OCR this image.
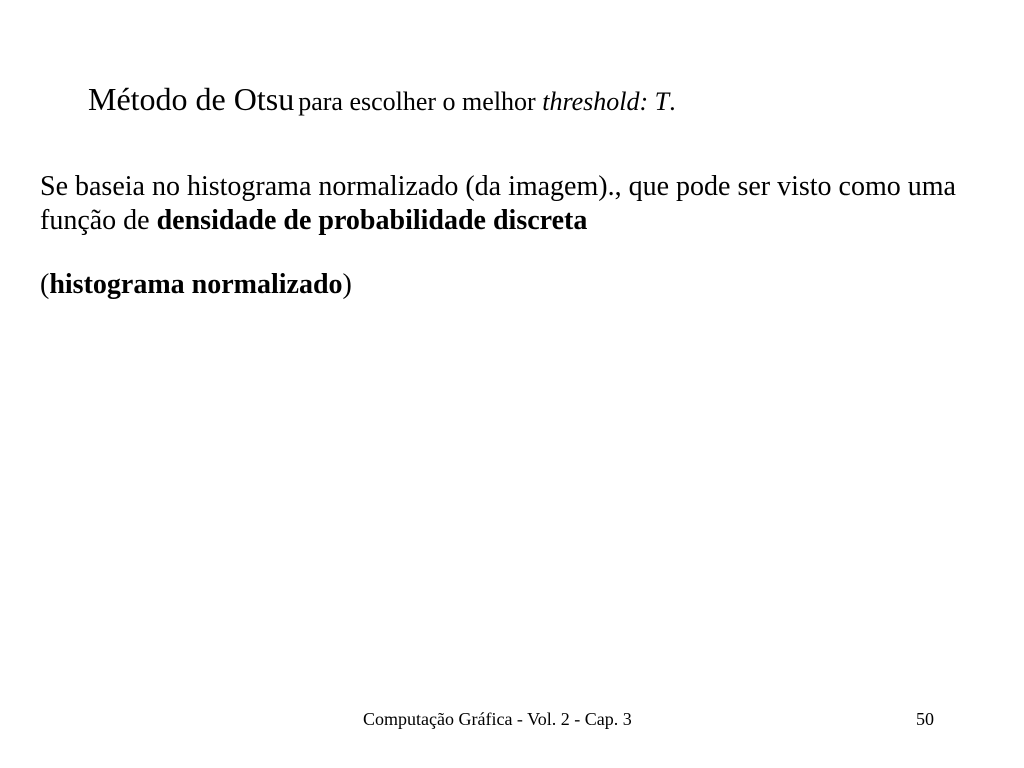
Método de Otsu para escolher o melhor threshold: T.

Se baseia no histograma normalizado (da imagem)., que pode ser visto como uma função de densidade de probabilidade discreta

(histograma normalizado)

Computação Gráfica - Vol. 2 - Cap. 3	50
